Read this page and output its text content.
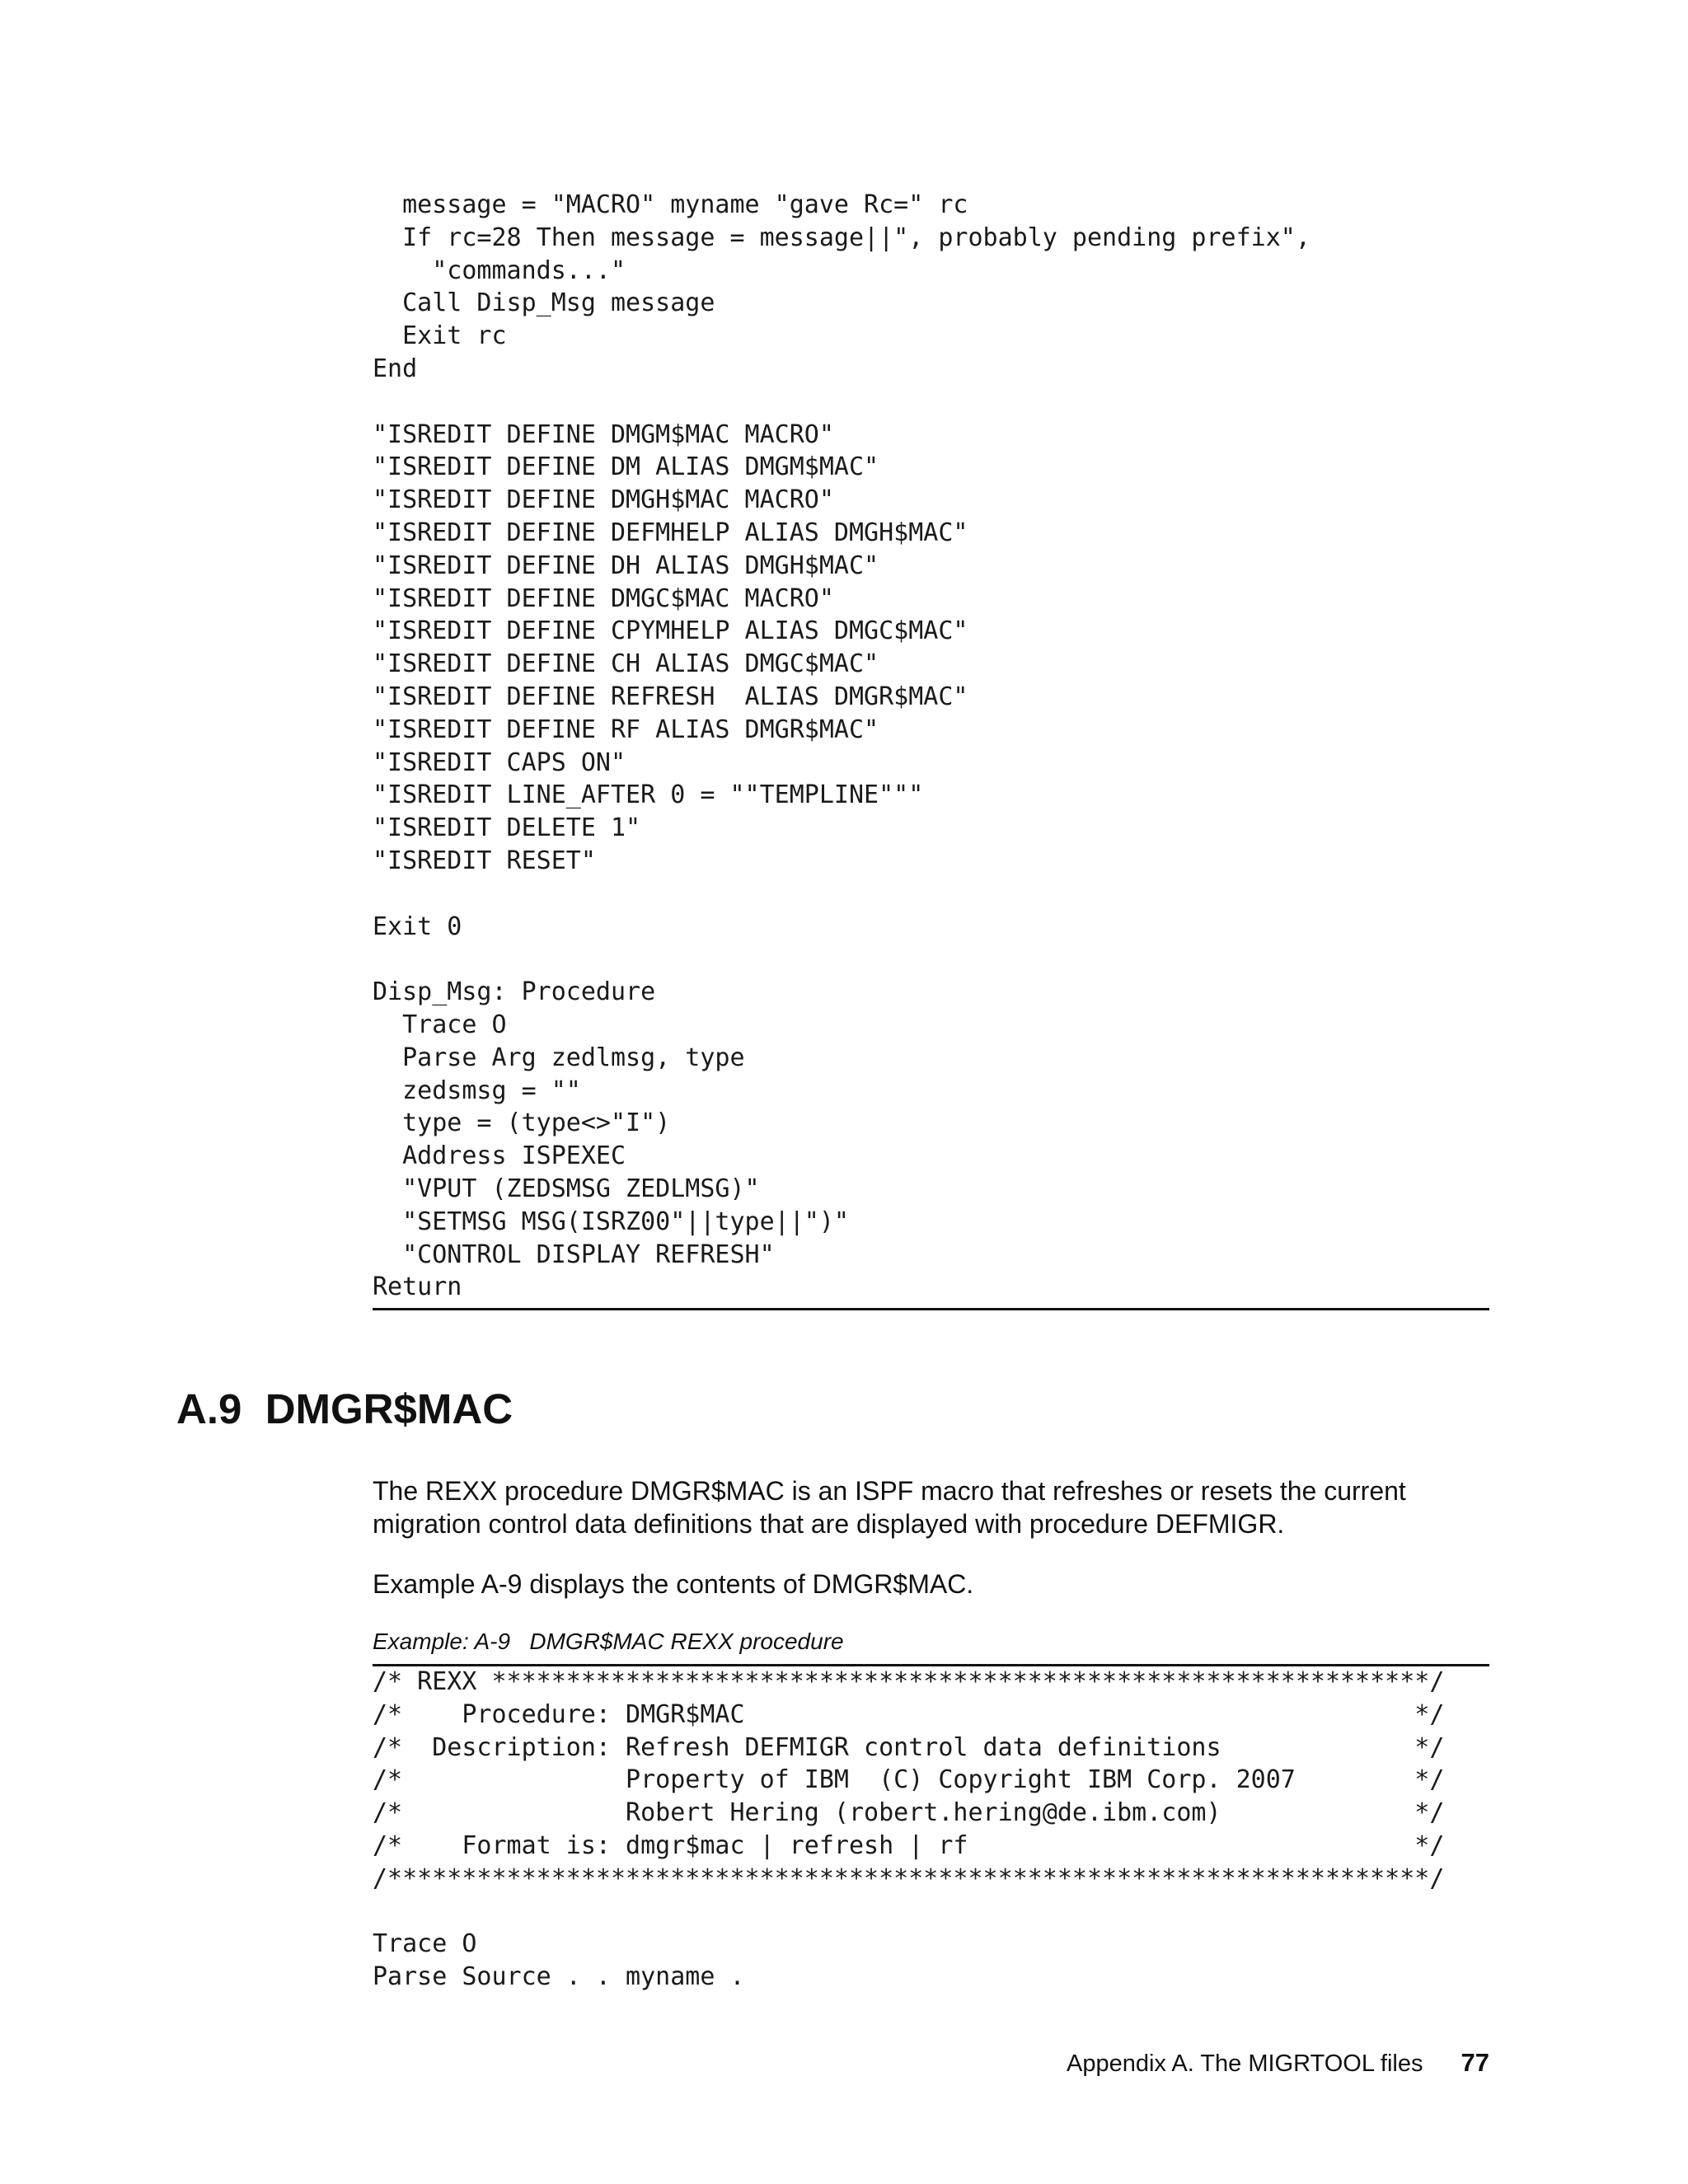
message = "MACRO" myname "gave Rc=" rc
If rc=28 Then message = message||", probably pending prefix",
"commands..."
Call Disp_Msg message
Exit rc
End

"ISREDIT DEFINE DMGM$MAC MACRO"
"ISREDIT DEFINE DM ALIAS DMGM$MAC"
"ISREDIT DEFINE DMGH$MAC MACRO"
"ISREDIT DEFINE DEFMHELP ALIAS DMGH$MAC"
"ISREDIT DEFINE DH ALIAS DMGH$MAC"
"ISREDIT DEFINE DMGC$MAC MACRO"
"ISREDIT DEFINE CPYMHELP ALIAS DMGC$MAC"
"ISREDIT DEFINE CH ALIAS DMGC$MAC"
"ISREDIT DEFINE REFRESH  ALIAS DMGR$MAC"
"ISREDIT DEFINE RF ALIAS DMGR$MAC"
"ISREDIT CAPS ON"
"ISREDIT LINE_AFTER 0 = ""TEMPLINE"""
"ISREDIT DELETE 1"
"ISREDIT RESET"

Exit 0

Disp_Msg: Procedure
Trace O
Parse Arg zedlmsg, type
zedsmsg = ""
type = (type<>"I")
Address ISPEXEC
"VPUT (ZEDSMSG ZEDLMSG)"
"SETMSG MSG(ISRZ00"||type||")"
"CONTROL DISPLAY REFRESH"
Return
A.9  DMGR$MAC

The REXX procedure DMGR$MAC is an ISPF macro that refreshes or resets the current migration control data definitions that are displayed with procedure DEFMIGR.

Example A-9 displays the contents of DMGR$MAC.

Example: A-9   DMGR$MAC REXX procedure
/* REXX ***************************************************************/
/*    Procedure: DMGR$MAC                                             */
/*  Description: Refresh DEFMIGR control data definitions             */
/*               Property of IBM  (C) Copyright IBM Corp. 2007        */
/*               Robert Hering (robert.hering@de.ibm.com)             */
/*    Format is: dmgr$mac | refresh | rf                              */
/**********************************************************************/

Trace O
Parse Source . . myname .
Appendix A. The MIGRTOOL files 77
